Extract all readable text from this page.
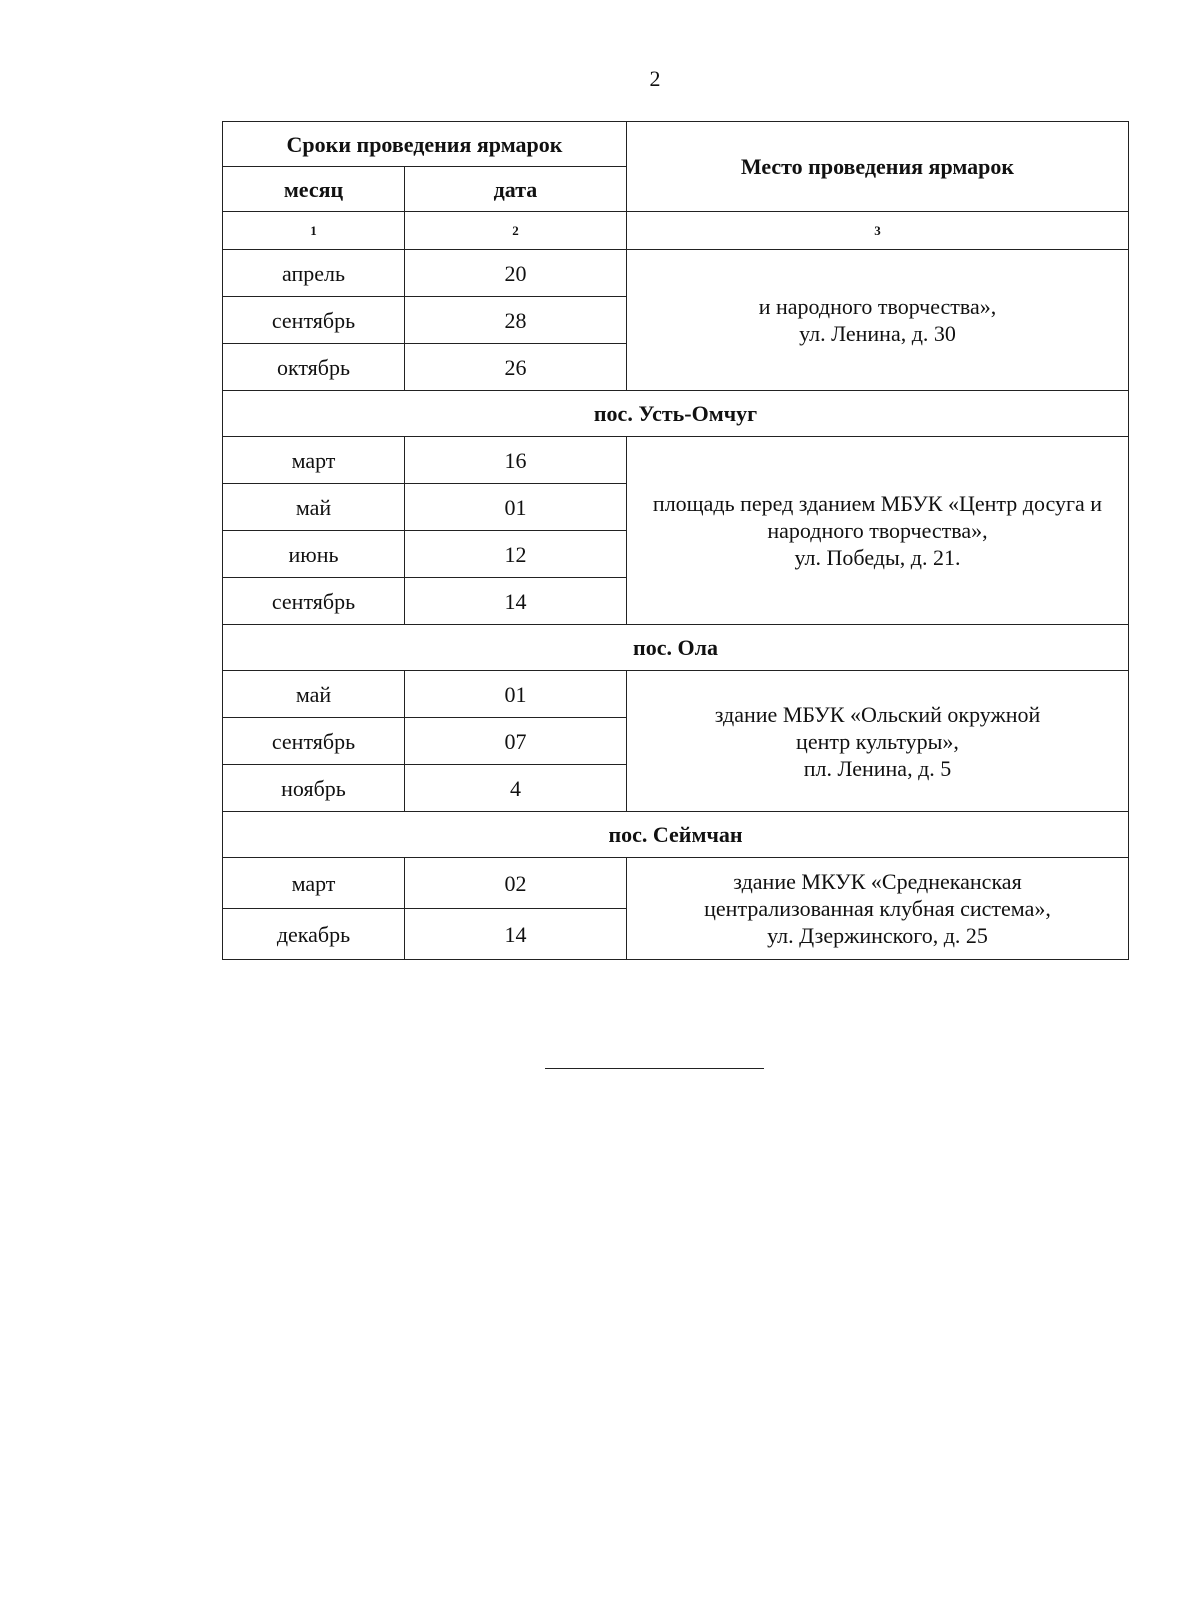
2
Сроки проведения ярмарок		Место проведения ярмарок
месяц	дата	
1	2	3
апрель	20	и народного творчества»,
ул. Ленина, д. 30

сентябрь	28	
октябрь	26	
пос. Усть-Омчуг		
март	16	площадь перед зданием МБУК «Центр досуга и
народного творчества»,
ул. Победы, д. 21.

май	01	
июнь	12	
сентябрь	14	
пос. Ола		
май	01	здание МБУК «Ольский окружной
центр культуры»,
пл. Ленина, д. 5

сентябрь	07	
ноябрь	4	
пос. Сеймчан		
март	02	здание МКУК «Среднеканская
централизованная клубная система»,
ул. Дзержинского, д. 25

декабрь	14	
